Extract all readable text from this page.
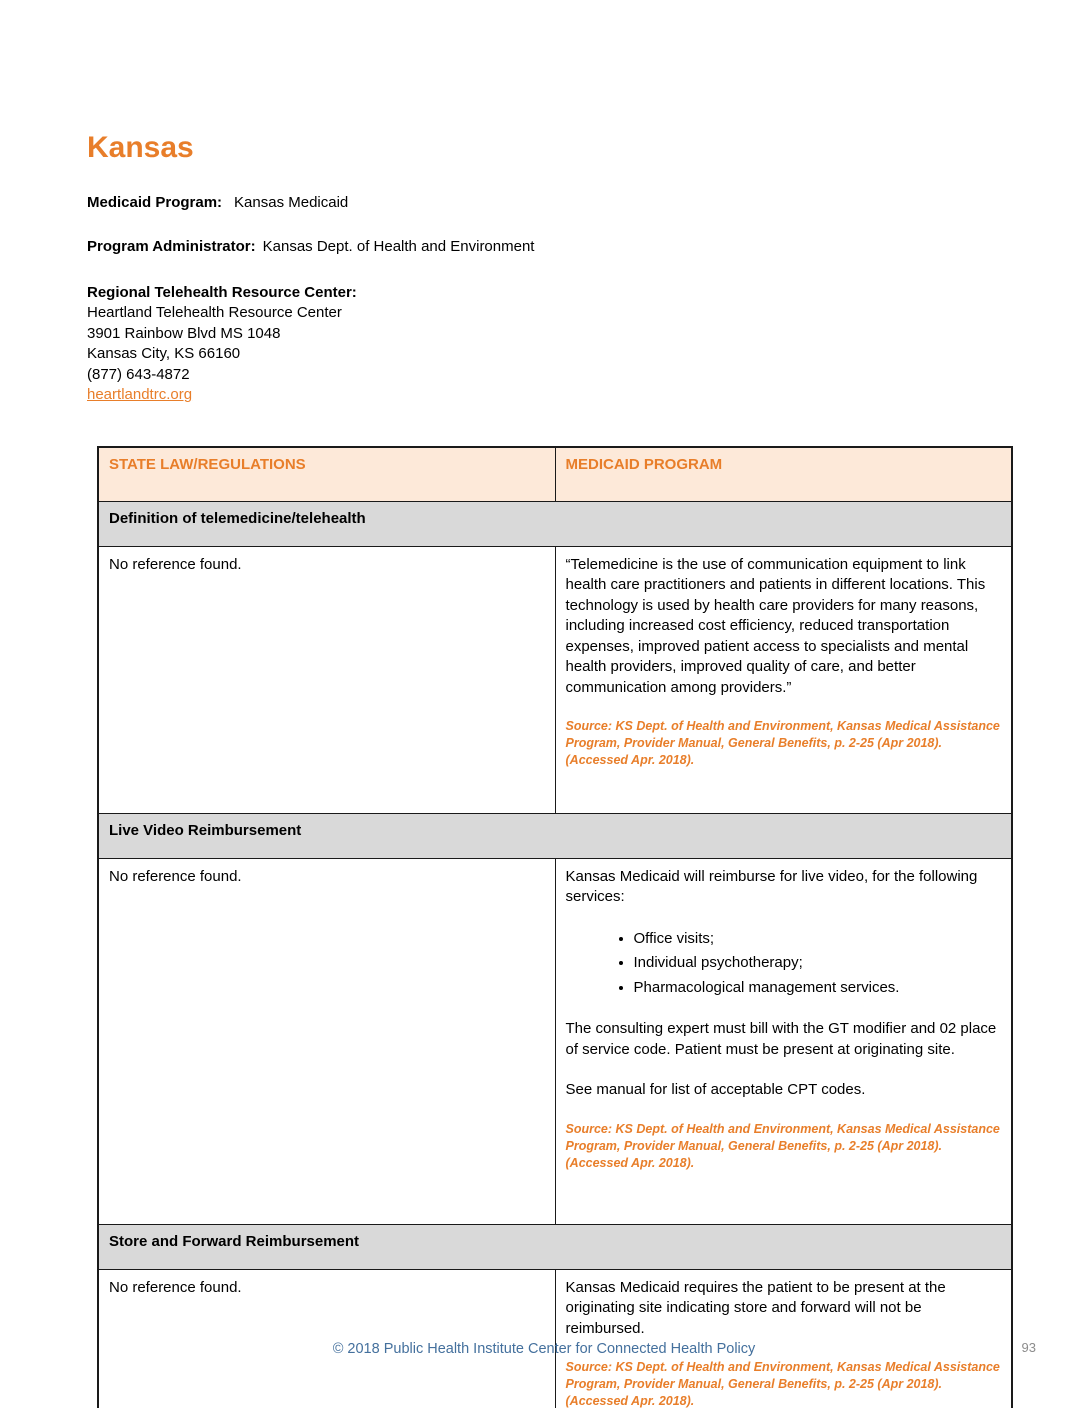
Kansas
Medicaid Program: Kansas Medicaid
Program Administrator: Kansas Dept. of Health and Environment
Regional Telehealth Resource Center:
Heartland Telehealth Resource Center
3901 Rainbow Blvd MS 1048
Kansas City, KS 66160
(877) 643-4872
heartlandtrc.org
STATE LAW/REGULATIONS	MEDICAID PROGRAM
Definition of telemedicine/telehealth	

No reference found.	“Telemedicine is the use of communication equipment to link health care practitioners and patients in different locations. This technology is used by health care providers for many reasons, including increased cost efficiency, reduced transportation expenses, improved patient access to specialists and mental health providers, improved quality of care, and better communication among providers.”

Source: KS Dept. of Health and Environment, Kansas Medical Assistance Program, Provider Manual, General Benefits, p. 2-25 (Apr 2018). (Accessed Apr. 2018).

Live Video Reimbursement	

No reference found.	Kansas Medicaid will reimburse for live video, for the following services:

• Office visits;
• Individual psychotherapy;
• Pharmacological management services.

The consulting expert must bill with the GT modifier and 02 place of service code. Patient must be present at originating site.

See manual for list of acceptable CPT codes.

Source: KS Dept. of Health and Environment, Kansas Medical Assistance Program, Provider Manual, General Benefits, p. 2-25 (Apr 2018). (Accessed Apr. 2018).

Store and Forward Reimbursement	

No reference found.	Kansas Medicaid requires the patient to be present at the originating site indicating store and forward will not be reimbursed.

Source: KS Dept. of Health and Environment, Kansas Medical Assistance Program, Provider Manual, General Benefits, p. 2-25 (Apr 2018). (Accessed Apr. 2018).

© 2018 Public Health Institute Center for Connected Health Policy	93
